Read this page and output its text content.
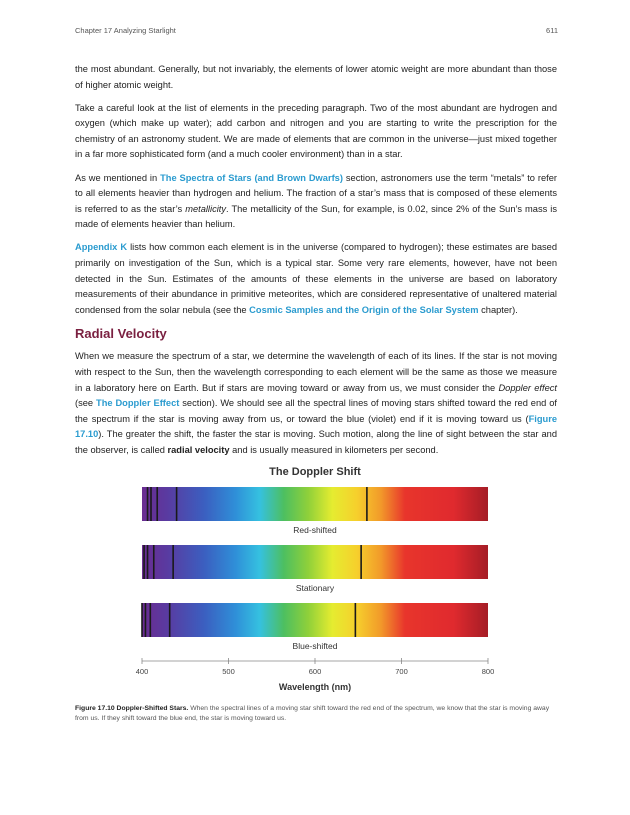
Chapter 17 Analyzing Starlight	611

the most abundant. Generally, but not invariably, the elements of lower atomic weight are more abundant than those of higher atomic weight.

Take a careful look at the list of elements in the preceding paragraph. Two of the most abundant are hydrogen and oxygen (which make up water); add carbon and nitrogen and you are starting to write the prescription for the chemistry of an astronomy student. We are made of elements that are common in the universe—just mixed together in a far more sophisticated form (and a much cooler environment) than in a star.

As we mentioned in The Spectra of Stars (and Brown Dwarfs) section, astronomers use the term “metals” to refer to all elements heavier than hydrogen and helium. The fraction of a star’s mass that is composed of these elements is referred to as the star’s metallicity. The metallicity of the Sun, for example, is 0.02, since 2% of the Sun’s mass is made of elements heavier than helium.

Appendix K lists how common each element is in the universe (compared to hydrogen); these estimates are based primarily on investigation of the Sun, which is a typical star. Some very rare elements, however, have not been detected in the Sun. Estimates of the amounts of these elements in the universe are based on laboratory measurements of their abundance in primitive meteorites, which are considered representative of unaltered material condensed from the solar nebula (see the Cosmic Samples and the Origin of the Solar System chapter).

Radial Velocity

When we measure the spectrum of a star, we determine the wavelength of each of its lines. If the star is not moving with respect to the Sun, then the wavelength corresponding to each element will be the same as those we measure in a laboratory here on Earth. But if stars are moving toward or away from us, we must consider the Doppler effect (see The Doppler Effect section). We should see all the spectral lines of moving stars shifted toward the red end of the spectrum if the star is moving away from us, or toward the blue (violet) end if it is moving toward us (Figure 17.10). The greater the shift, the faster the star is moving. Such motion, along the line of sight between the star and the observer, is called radial velocity and is usually measured in kilometers per second.

The Doppler Shift
Red-shifted
Stationary
Blue-shifted
400	500	600	700	800
Wavelength (nm)
Figure 17.10 Doppler-Shifted Stars. When the spectral lines of a moving star shift toward the red end of the spectrum, we know that the star is moving away from us. If they shift toward the blue end, the star is moving toward us.
